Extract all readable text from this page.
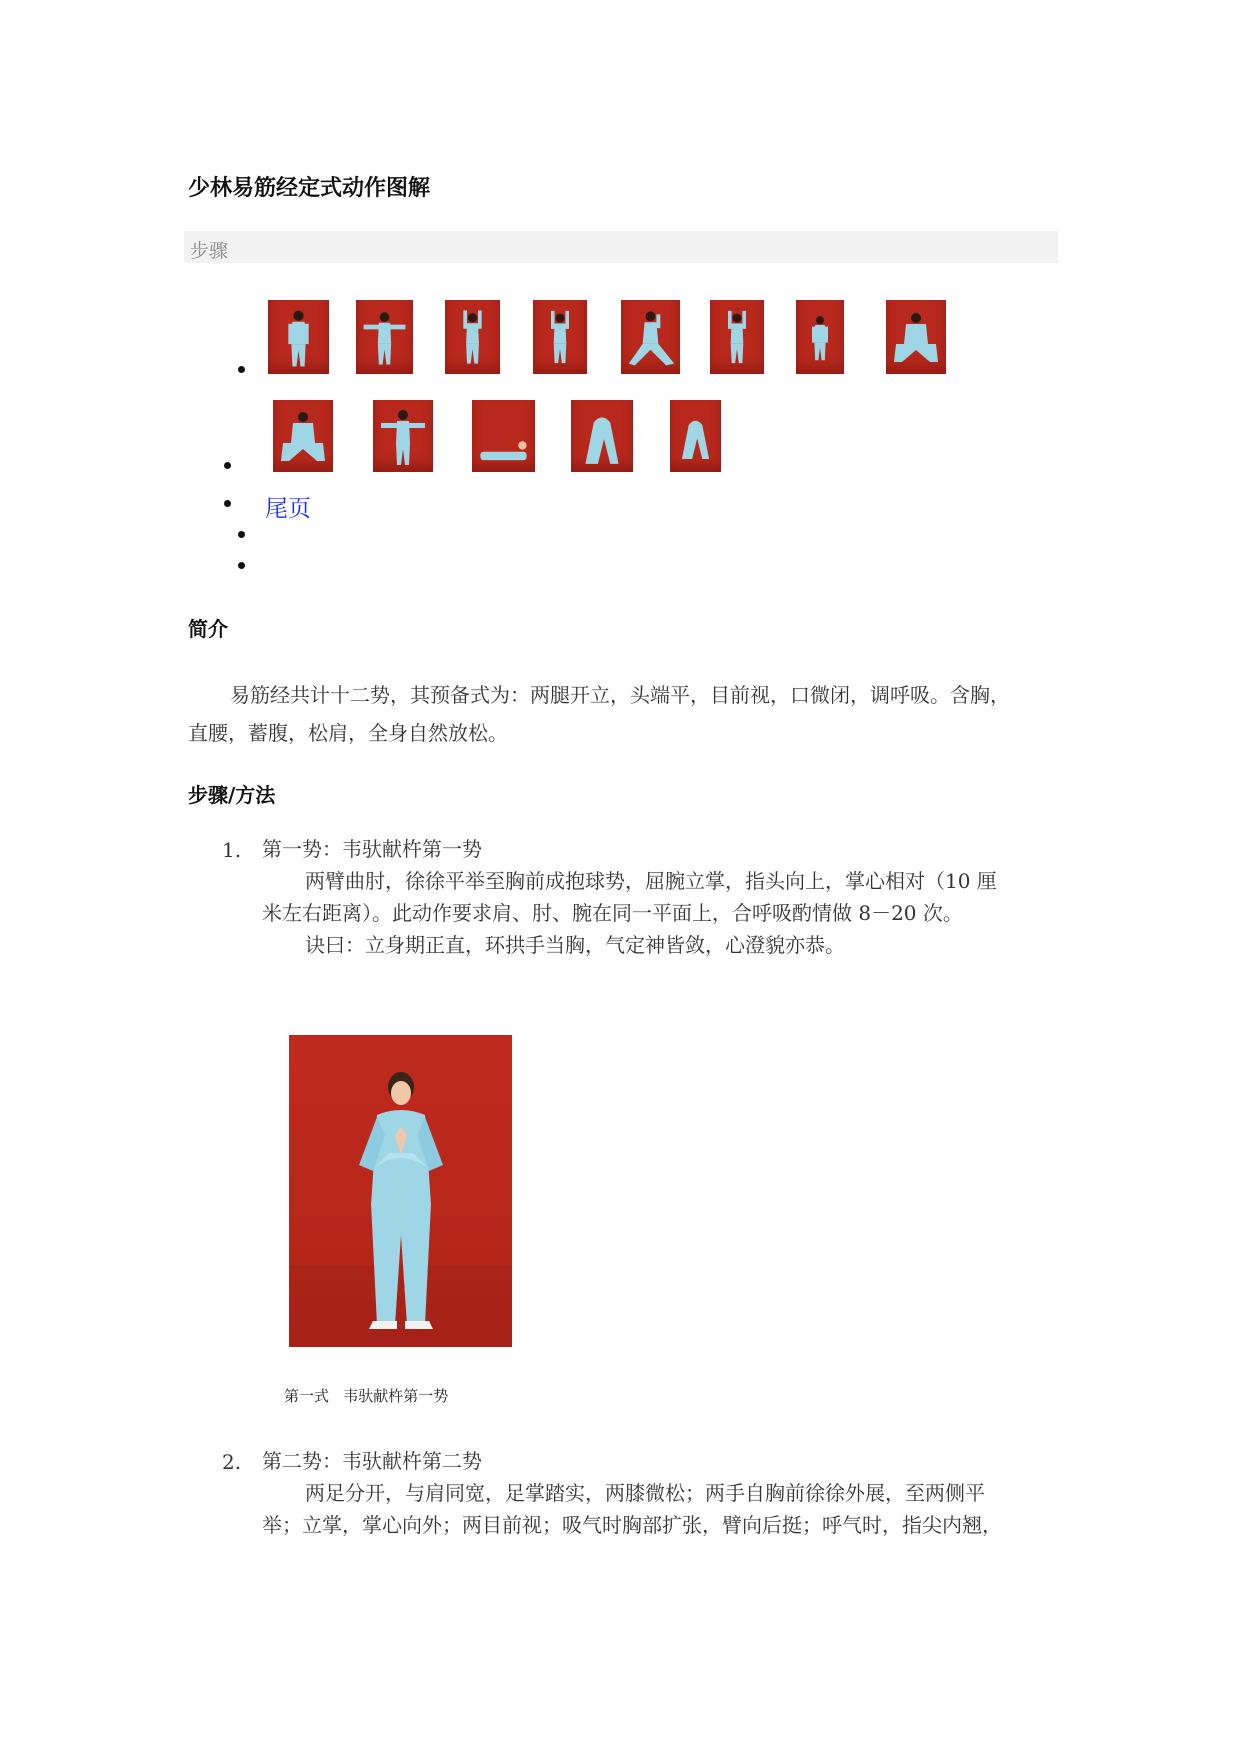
少林易筋经定式动作图解
步骤
尾页
简介
易筋经共计十二势，其预备式为：两腿开立，头端平，目前视，口微闭，调呼吸。含胸，
直腰，蓄腹，松肩，全身自然放松。
步骤/方法
1. 第一势：韦驮献杵第一势
两臂曲肘，徐徐平举至胸前成抱球势，屈腕立掌，指头向上，掌心相对（10 厘
米左右距离）。此动作要求肩、肘、腕在同一平面上，合呼吸酌情做 8－20 次。
诀曰：立身期正直，环拱手当胸，气定神皆敛，心澄貌亦恭。
第一式   韦驮献杵第一势
2. 第二势：韦驮献杵第二势
两足分开，与肩同宽，足掌踏实，两膝微松；两手自胸前徐徐外展，至两侧平
举；立掌，掌心向外；两目前视；吸气时胸部扩张，臂向后挺；呼气时，指尖内翘，
